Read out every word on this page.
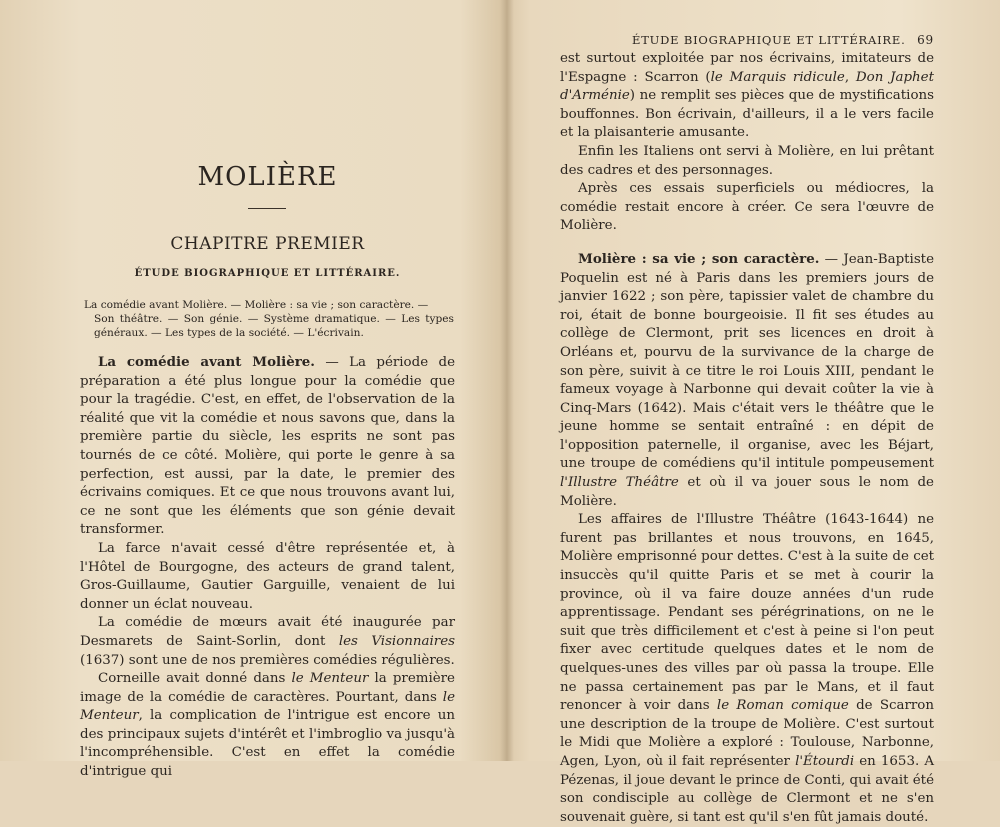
MOLIÈRE
CHAPITRE PREMIER
ÉTUDE BIOGRAPHIQUE ET LITTÉRAIRE.
La comédie avant Molière. — Molière : sa vie ; son caractère. —
Son théâtre. — Son génie. — Système dramatique. — Les types généraux. — Les types de la société. — L'écrivain.

La comédie avant Molière. — La période de préparation a été plus longue pour la comédie que pour la tragédie. C'est, en effet, de l'observation de la réalité que vit la comédie et nous savons que, dans la première partie du siècle, les esprits ne sont pas tournés de ce côté. Molière, qui porte le genre à sa perfection, est aussi, par la date, le premier des écrivains comiques. Et ce que nous trouvons avant lui, ce ne sont que les éléments que son génie devait transformer.

La farce n'avait cessé d'être représentée et, à l'Hôtel de Bourgogne, des acteurs de grand talent, Gros-Guillaume, Gautier Garguille, venaient de lui donner un éclat nouveau.

La comédie de mœurs avait été inaugurée par Desmarets de Saint-Sorlin, dont les Visionnaires (1637) sont une de nos premières comédies régulières.

Corneille avait donné dans le Menteur la première image de la comédie de caractères. Pourtant, dans le Menteur, la complication de l'intrigue est encore un des principaux sujets d'intérêt et l'imbroglio va jusqu'à l'incompréhensible. C'est en effet la comédie d'intrigue qui

ÉTUDE BIOGRAPHIQUE ET LITTÉRAIRE. 69

est surtout exploitée par nos écrivains, imitateurs de l'Espagne : Scarron (le Marquis ridicule, Don Japhet d'Arménie) ne remplit ses pièces que de mystifications bouffonnes. Bon écrivain, d'ailleurs, il a le vers facile et la plaisanterie amusante.

Enfin les Italiens ont servi à Molière, en lui prêtant des cadres et des personnages.

Après ces essais superficiels ou médiocres, la comédie restait encore à créer. Ce sera l'œuvre de Molière.

Molière : sa vie ; son caractère. — Jean-Baptiste Poquelin est né à Paris dans les premiers jours de janvier 1622 ; son père, tapissier valet de chambre du roi, était de bonne bourgeoisie. Il fit ses études au collège de Clermont, prit ses licences en droit à Orléans et, pourvu de la survivance de la charge de son père, suivit à ce titre le roi Louis XIII, pendant le fameux voyage à Narbonne qui devait coûter la vie à Cinq-Mars (1642). Mais c'était vers le théâtre que le jeune homme se sentait entraîné : en dépit de l'opposition paternelle, il organise, avec les Béjart, une troupe de comédiens qu'il intitule pompeusement l'Illustre Théâtre et où il va jouer sous le nom de Molière.

Les affaires de l'Illustre Théâtre (1643-1644) ne furent pas brillantes et nous trouvons, en 1645, Molière emprisonné pour dettes. C'est à la suite de cet insuccès qu'il quitte Paris et se met à courir la province, où il va faire douze années d'un rude apprentissage. Pendant ses pérégrinations, on ne le suit que très difficilement et c'est à peine si l'on peut fixer avec certitude quelques dates et le nom de quelques-unes des villes par où passa la troupe. Elle ne passa certainement pas par le Mans, et il faut renoncer à voir dans le Roman comique de Scarron une description de la troupe de Molière. C'est surtout le Midi que Molière a exploré : Toulouse, Narbonne, Agen, Lyon, où il fait représenter l'Étourdi en 1653. A Pézenas, il joue devant le prince de Conti, qui avait été son condisciple au collège de Clermont et ne s'en souvenait guère, si tant est qu'il s'en fût jamais douté.
